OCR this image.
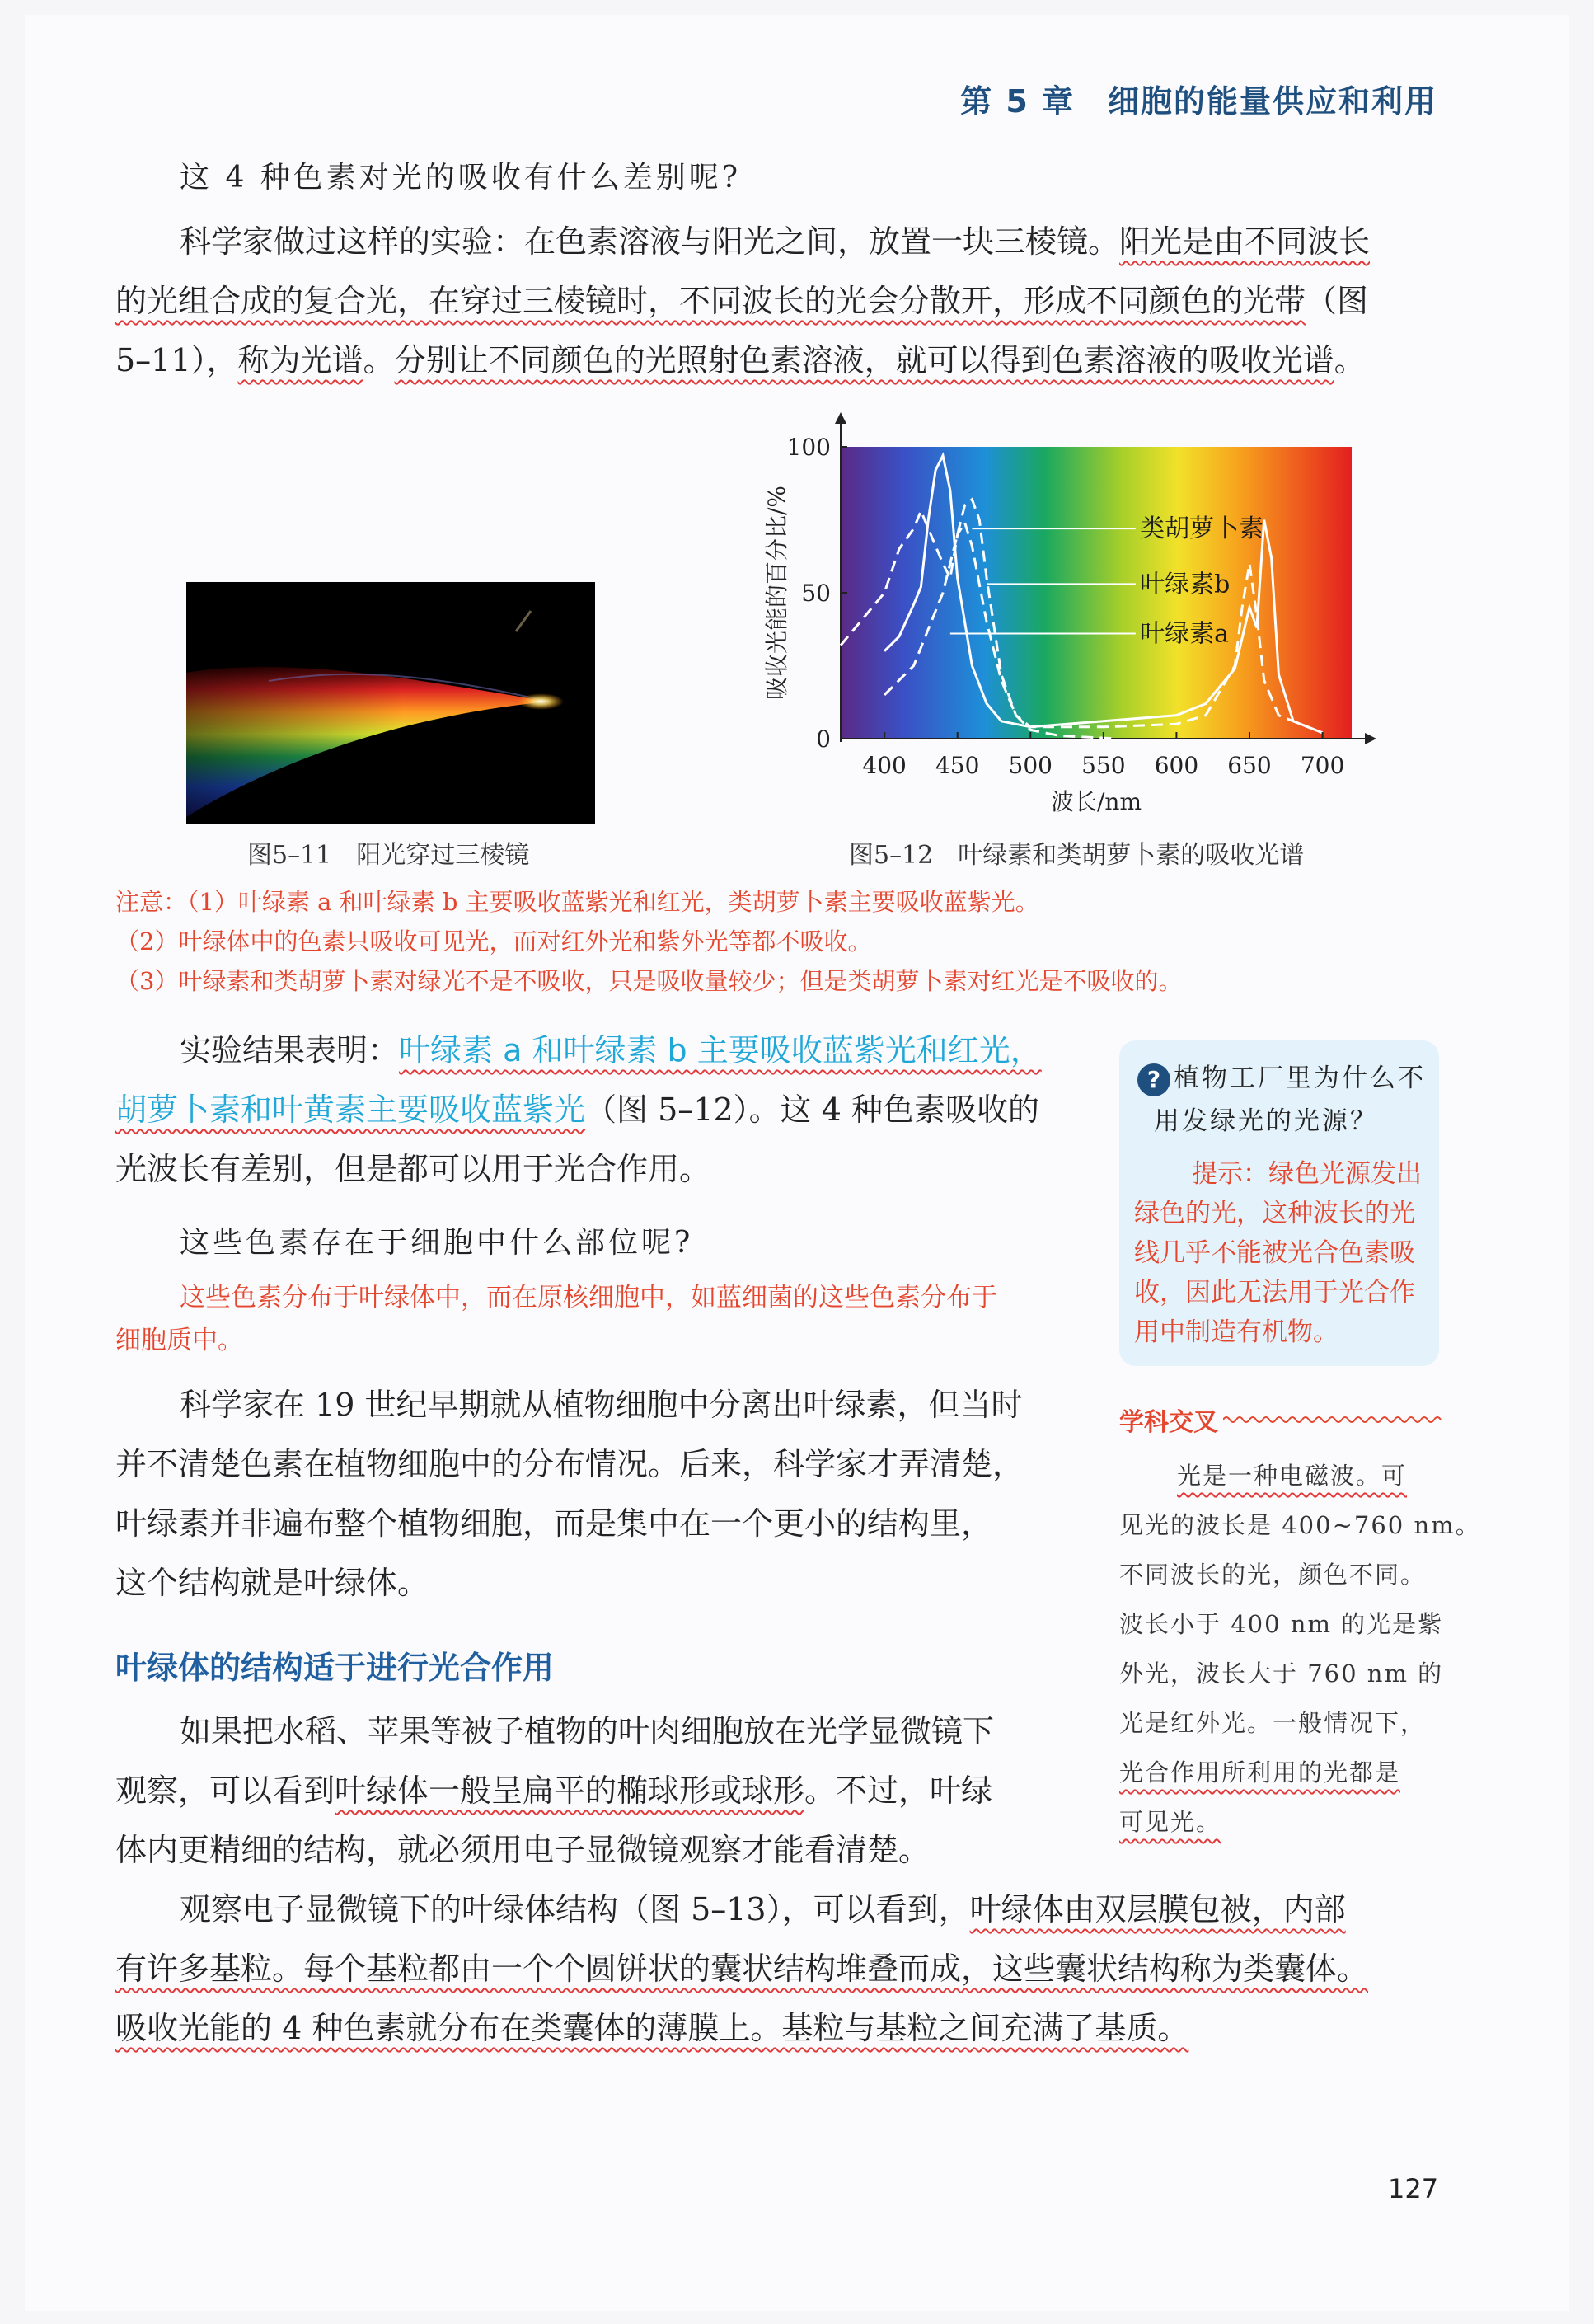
第 5 章　细胞的能量供应和利用
这 4 种色素对光的吸收有什么差别呢?
科学家做过这样的实验：在色素溶液与阳光之间，放置一块三棱镜。阳光是由不同波长
的光组合成的复合光，在穿过三棱镜时，不同波长的光会分散开，形成不同颜色的光带（图
5–11），称为光谱。分别让不同颜色的光照射色素溶液，就可以得到色素溶液的吸收光谱。
图5–11　阳光穿过三棱镜
400 450 500 550 600 650 700
0
50
100
波长/nm
吸收光能的百分比/%	叶绿素a
叶绿素b
类胡萝卜素
图5–12　叶绿素和类胡萝卜素的吸收光谱
注意：（1）叶绿素 a 和叶绿素 b 主要吸收蓝紫光和红光，类胡萝卜素主要吸收蓝紫光。
（2）叶绿体中的色素只吸收可见光，而对红外光和紫外光等都不吸收。
（3）叶绿素和类胡萝卜素对绿光不是不吸收，只是吸收量较少；但是类胡萝卜素对红光是不吸收的。
实验结果表明：叶绿素 a 和叶绿素 b 主要吸收蓝紫光和红光，
胡萝卜素和叶黄素主要吸收蓝紫光（图 5–12）。这 4 种色素吸收的
光波长有差别，但是都可以用于光合作用。
这些色素存在于细胞中什么部位呢?
这些色素分布于叶绿体中，而在原核细胞中，如蓝细菌的这些色素分布于
细胞质中。
科学家在 19 世纪早期就从植物细胞中分离出叶绿素，但当时
并不清楚色素在植物细胞中的分布情况。后来，科学家才弄清楚，
叶绿素并非遍布整个植物细胞，而是集中在一个更小的结构里，
这个结构就是叶绿体。
叶绿体的结构适于进行光合作用
如果把水稻、苹果等被子植物的叶肉细胞放在光学显微镜下
观察，可以看到叶绿体一般呈扁平的椭球形或球形。不过，叶绿
体内更精细的结构，就必须用电子显微镜观察才能看清楚。
观察电子显微镜下的叶绿体结构（图 5–13），可以看到，叶绿体由双层膜包被，内部
有许多基粒。每个基粒都由一个个圆饼状的囊状结构堆叠而成，这些囊状结构称为类囊体。
吸收光能的 4 种色素就分布在类囊体的薄膜上。基粒与基粒之间充满了基质。
? 植物工厂里为什么不
用发绿光的光源？
提示：绿色光源发出
绿色的光，这种波长的光
线几乎不能被光合色素吸
收，因此无法用于光合作
用中制造有机物。
学科交叉
光是一种电磁波。可
见光的波长是 400~760 nm。
不同波长的光，颜色不同。
波长小于 400 nm 的光是紫
外光，波长大于 760 nm 的
光是红外光。一般情况下，
光合作用所利用的光都是
可见光。
127
